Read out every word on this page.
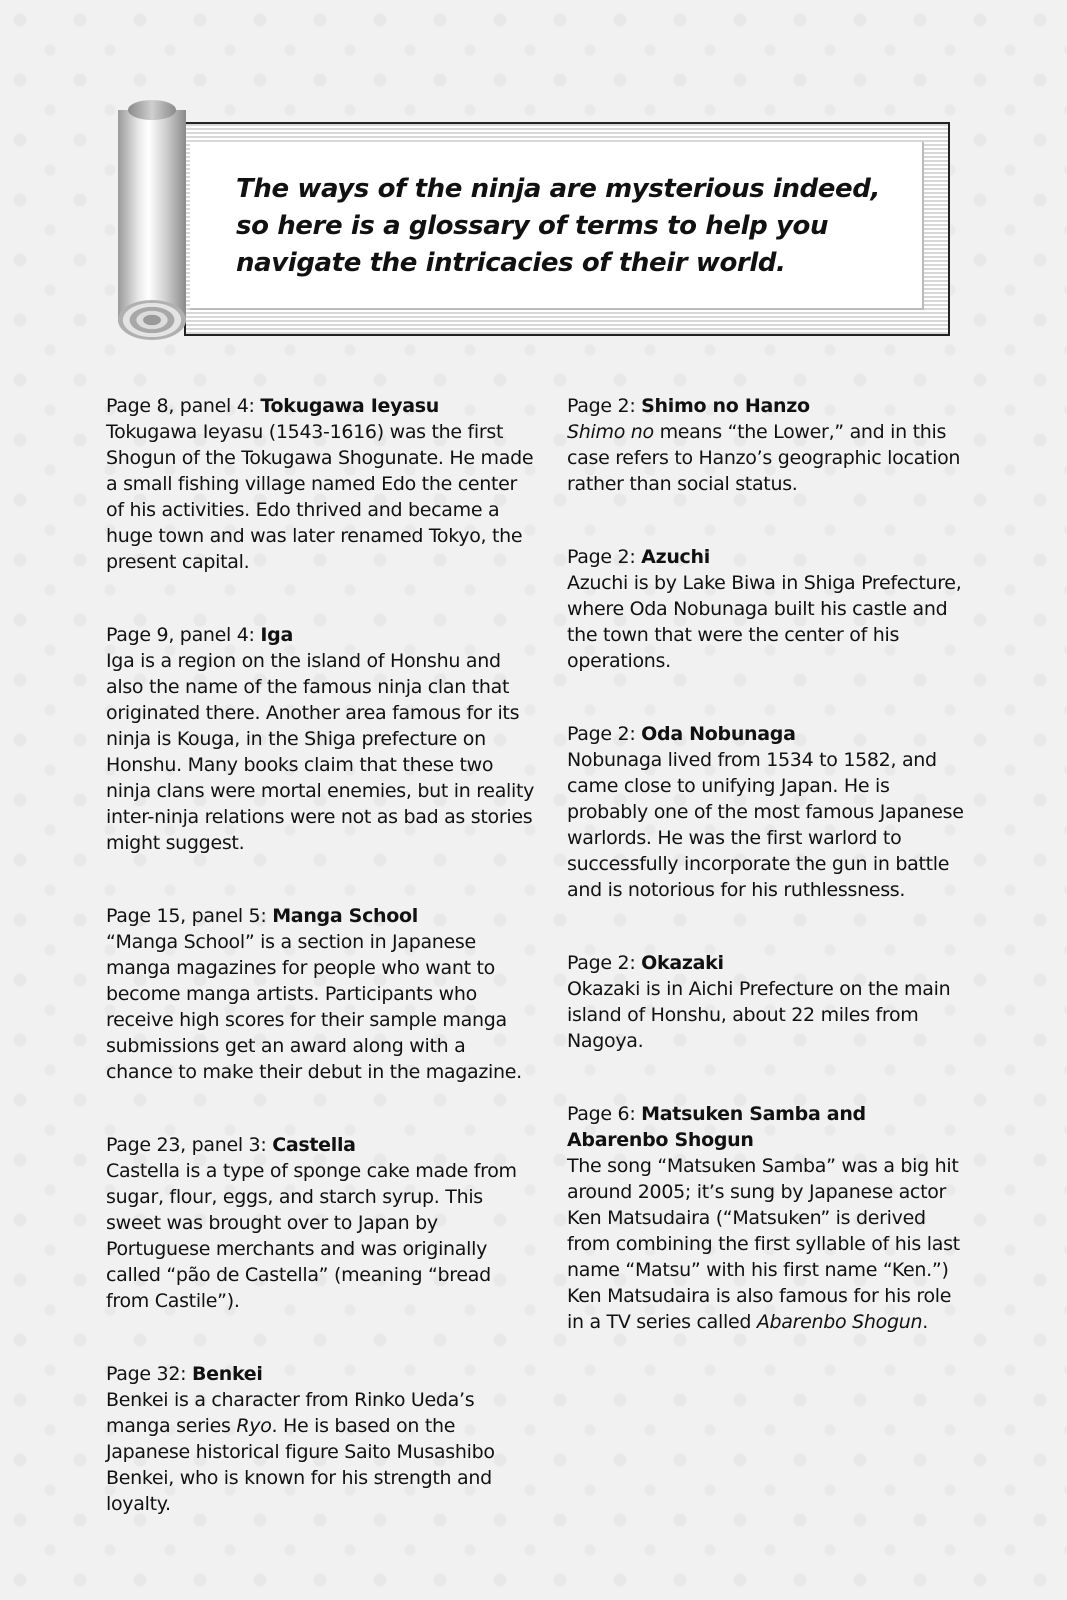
The ways of the ninja are mysterious indeed,
so here is a glossary of terms to help you
navigate the intricacies of their world.

Page 8, panel 4: Tokugawa Ieyasu

Tokugawa Ieyasu (1543-1616) was the first Shogun of the Tokugawa Shogunate. He made a small fishing village named Edo the center of his activities. Edo thrived and became a huge town and was later renamed Tokyo, the present capital.

Page 9, panel 4: Iga

Iga is a region on the island of Honshu and also the name of the famous ninja clan that originated there. Another area famous for its ninja is Kouga, in the Shiga prefecture on Honshu. Many books claim that these two ninja clans were mortal enemies, but in reality inter-ninja relations were not as bad as stories might suggest.

Page 15, panel 5: Manga School

“Manga School” is a section in Japanese manga magazines for people who want to become manga artists. Participants who receive high scores for their sample manga submissions get an award along with a chance to make their debut in the magazine.

Page 23, panel 3: Castella

Castella is a type of sponge cake made from sugar, flour, eggs, and starch syrup. This sweet was brought over to Japan by Portuguese merchants and was originally called “pão de Castella” (meaning “bread from Castile”).

Page 32: Benkei

Benkei is a character from Rinko Ueda’s manga series Ryo. He is based on the Japanese historical figure Saito Musashibo Benkei, who is known for his strength and loyalty.

Page 2: Shimo no Hanzo

Shimo no means “the Lower,” and in this case refers to Hanzo’s geographic location rather than social status.

Page 2: Azuchi

Azuchi is by Lake Biwa in Shiga Prefecture, where Oda Nobunaga built his castle and the town that were the center of his operations.

Page 2: Oda Nobunaga

Nobunaga lived from 1534 to 1582, and came close to unifying Japan. He is probably one of the most famous Japanese warlords. He was the first warlord to successfully incorporate the gun in battle and is notorious for his ruthlessness.

Page 2: Okazaki

Okazaki is in Aichi Prefecture on the main island of Honshu, about 22 miles from Nagoya.

Page 6: Matsuken Samba and Abarenbo Shogun

The song “Matsuken Samba” was a big hit around 2005; it’s sung by Japanese actor Ken Matsudaira (“Matsuken” is derived from combining the first syllable of his last name “Matsu” with his first name “Ken.”) Ken Matsudaira is also famous for his role in a TV series called Abarenbo Shogun.
